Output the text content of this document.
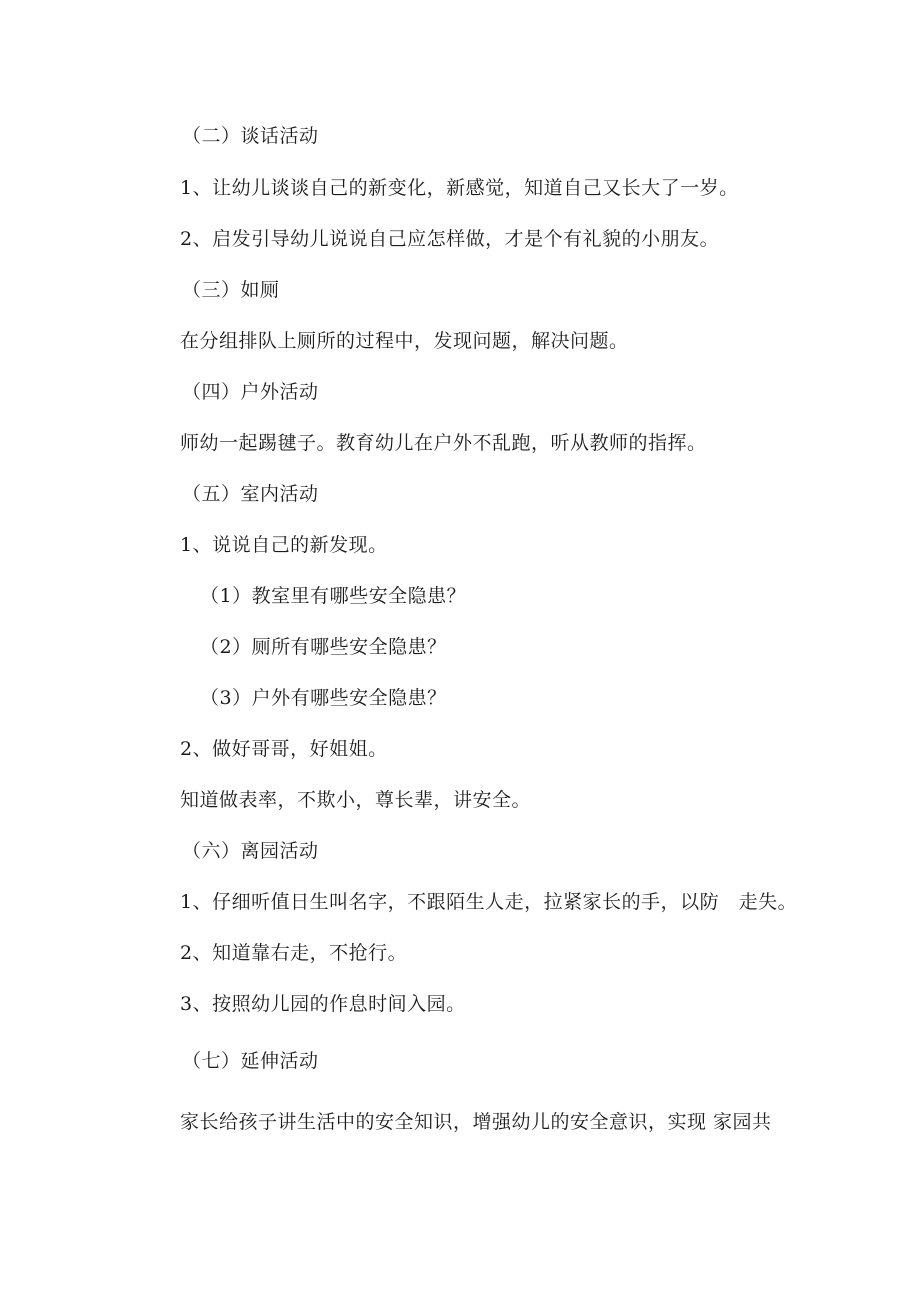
（二）谈话活动
1、让幼儿谈谈自己的新变化，新感觉，知道自己又长大了一岁。
2、启发引导幼儿说说自己应怎样做，才是个有礼貌的小朋友。
（三）如厕
在分组排队上厕所的过程中，发现问题，解决问题。
（四）户外活动
师幼一起踢毽子。教育幼儿在户外不乱跑，听从教师的指挥。
（五）室内活动
1、说说自己的新发现。
（1）教室里有哪些安全隐患？
（2）厕所有哪些安全隐患？
（3）户外有哪些安全隐患？
2、做好哥哥，好姐姐。
知道做表率，不欺小，尊长辈，讲安全。
（六）离园活动
1、仔细听值日生叫名字，不跟陌生人走，拉紧家长的手，以防　走失。
2、知道靠右走，不抢行。
3、按照幼儿园的作息时间入园。
（七）延伸活动
家长给孩子讲生活中的安全知识，增强幼儿的安全意识，实现 家园共
